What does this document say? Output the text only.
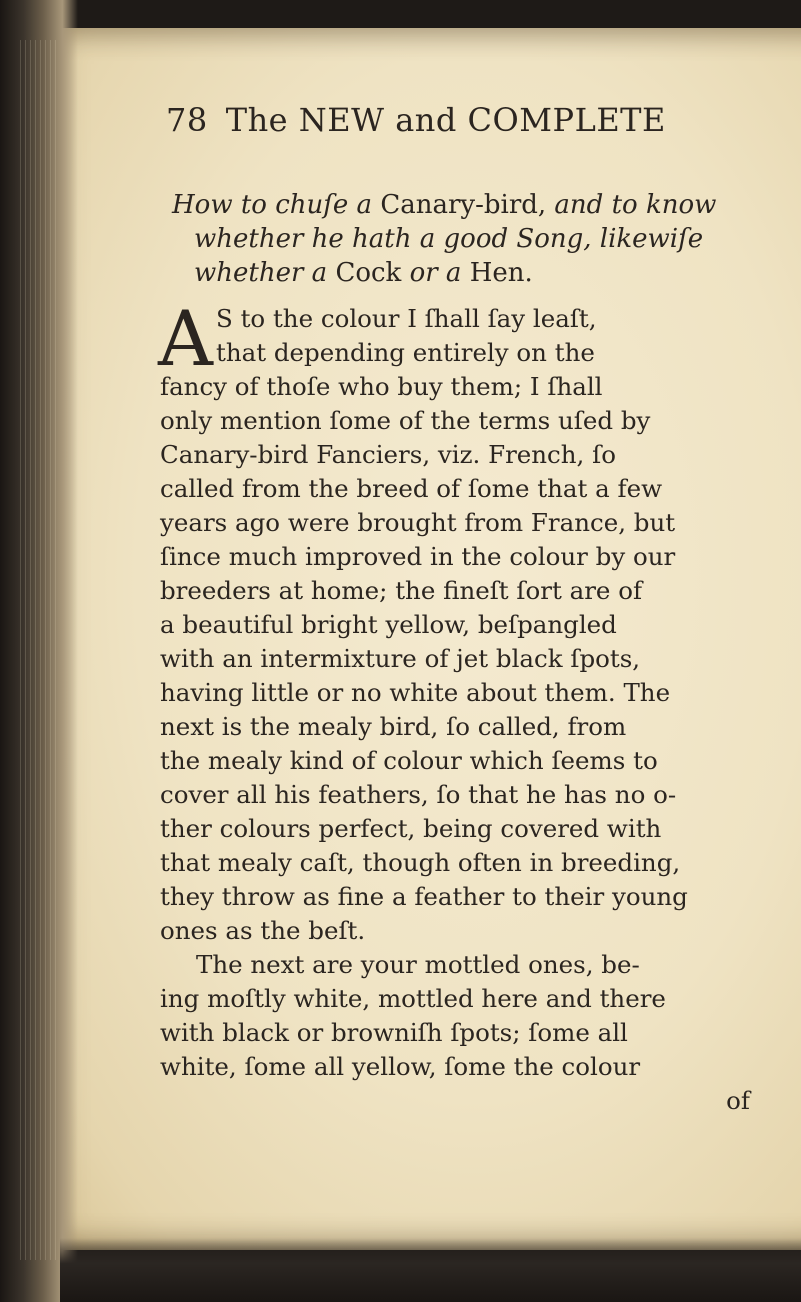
78 The NEW and COMPLETE
How to chuſe a Canary-bird, and to know
whether he hath a good Song, likewiſe
whether a Cock or a Hen.
A S to the colour I ſhall ſay leaſt,
that depending entirely on the
fancy of thoſe who buy them; I ſhall
only mention ſome of the terms uſed by
Canary-bird Fanciers, viz. French, ſo
called from the breed of ſome that a few
years ago were brought from France, but
ſince much improved in the colour by our
breeders at home; the fineſt ſort are of
a beautiful bright yellow, beſpangled
with an intermixture of jet black ſpots,
having little or no white about them. The
next is the mealy bird, ſo called, from
the mealy kind of colour which ſeems to
cover all his feathers, ſo that he has no o-
ther colours perfect, being covered with
that mealy caſt, though often in breeding,
they throw as fine a feather to their young
ones as the beſt.
The next are your mottled ones, be-
ing moſtly white, mottled here and there
with black or browniſh ſpots; ſome all
white, ſome all yellow, ſome the colour
of
